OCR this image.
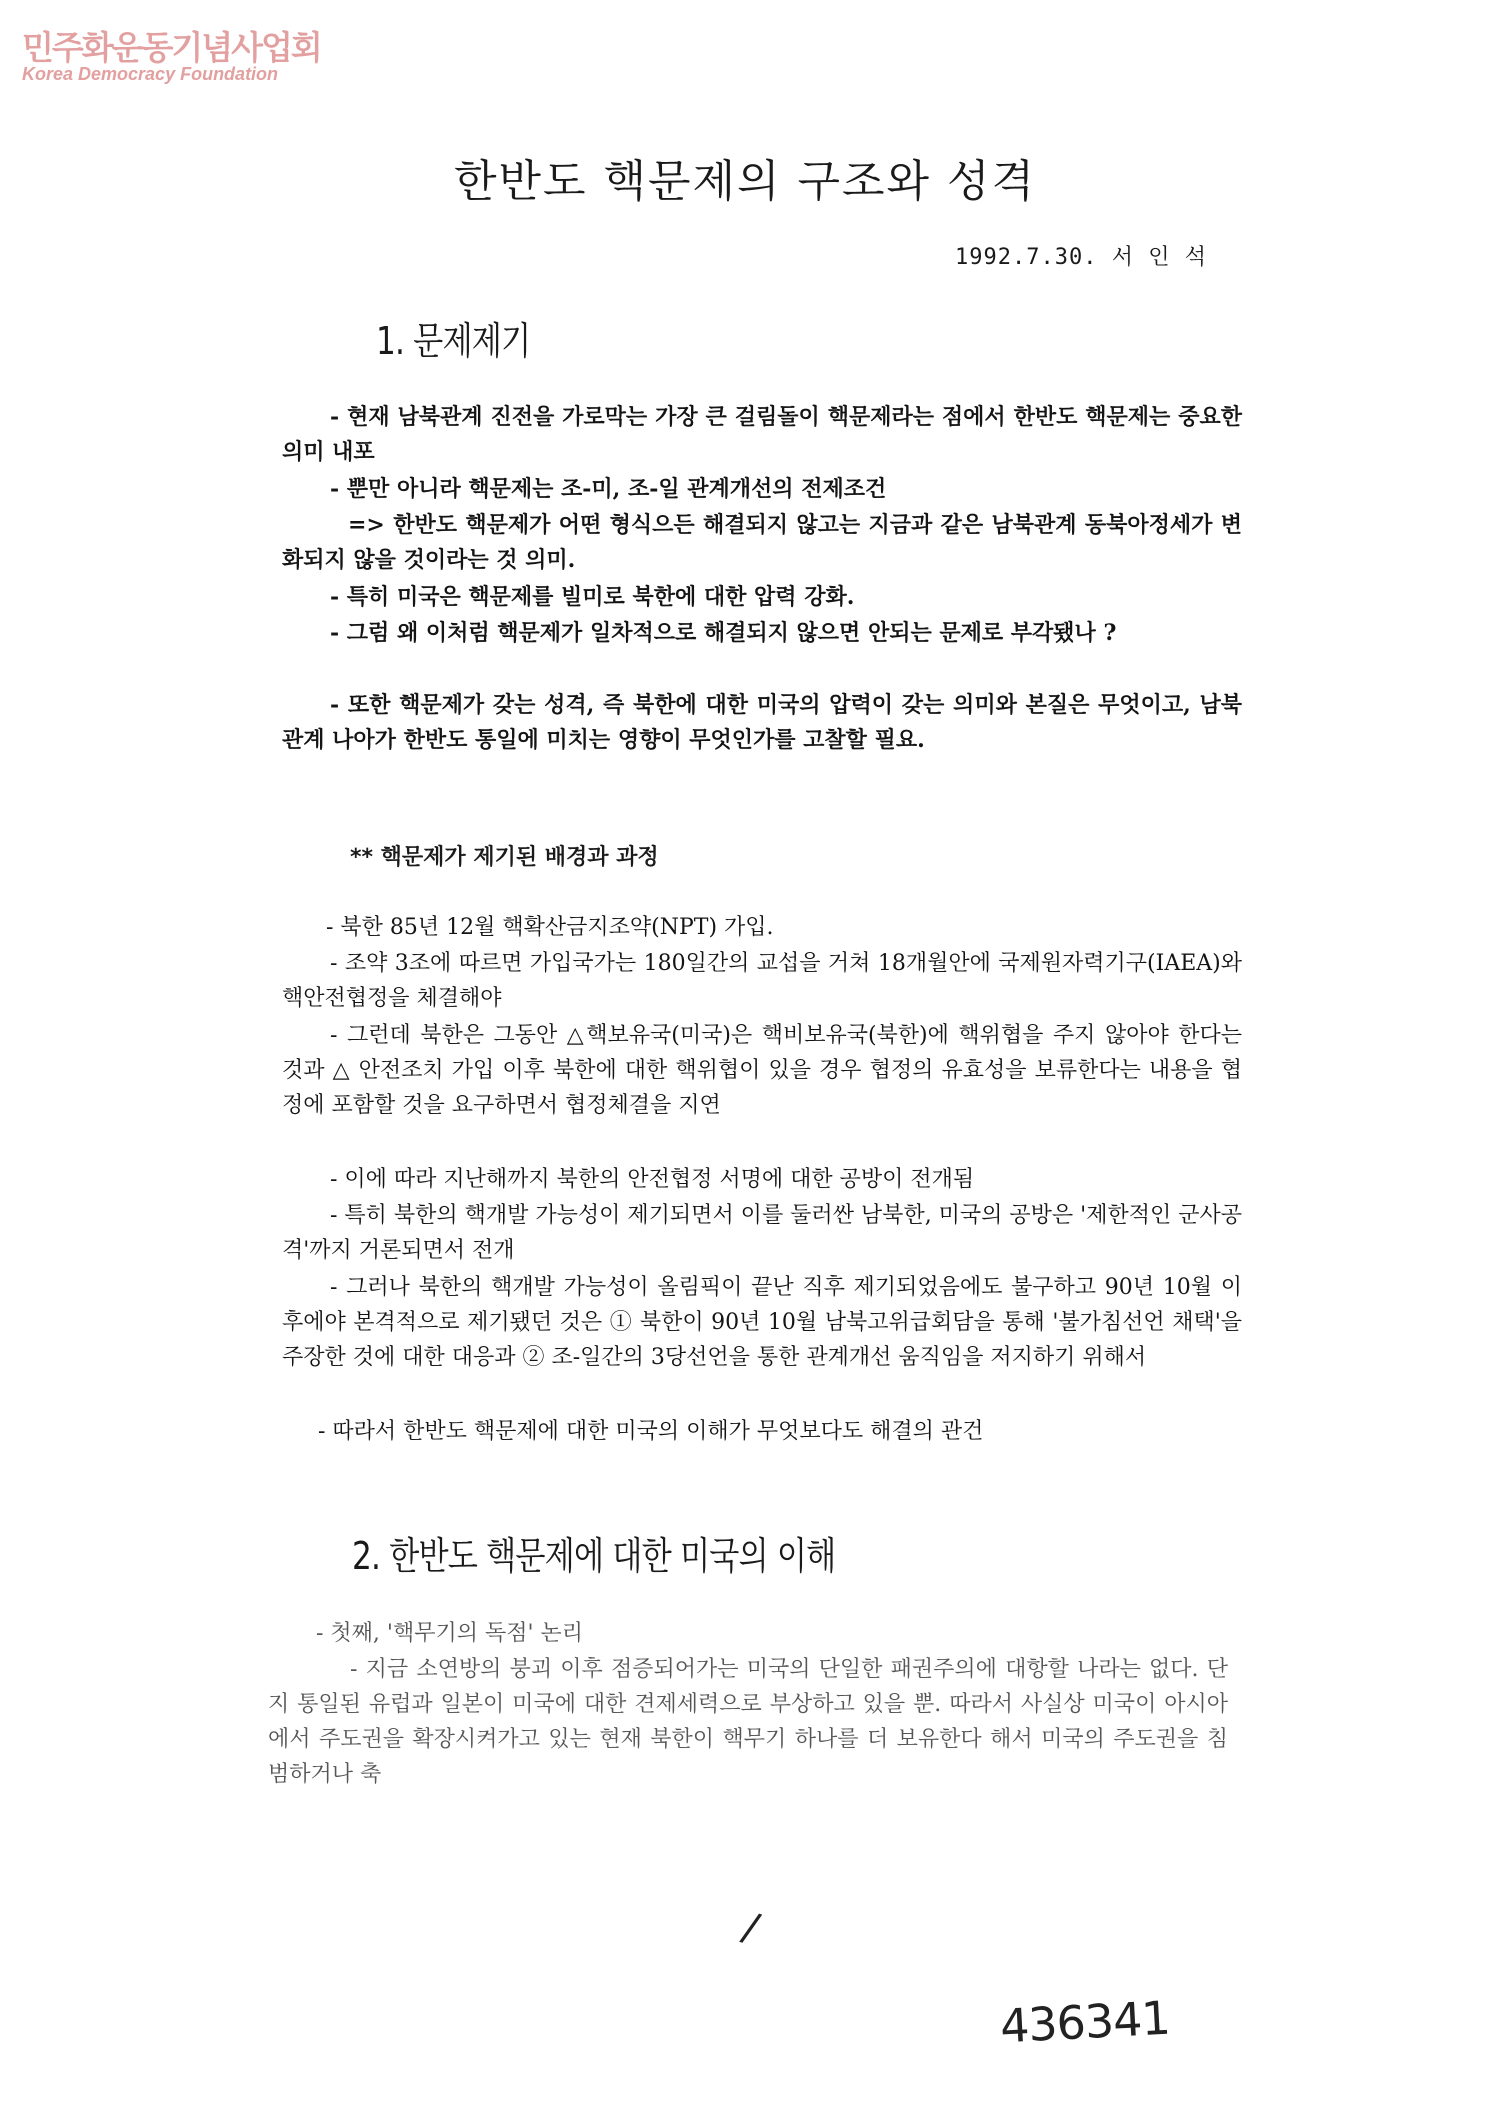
민주화운동기념사업회
Korea Democracy Foundation
한반도 핵문제의 구조와 성격
1992.7.30. 서 인 석
1. 문제제기

- 현재 남북관계 진전을 가로막는 가장 큰 걸림돌이 핵문제라는 점에서 한반도 핵문제는 중요한 의미 내포

- 뿐만 아니라 핵문제는 조-미, 조-일 관계개선의 전제조건

=> 한반도 핵문제가 어떤 형식으든 해결되지 않고는 지금과 같은 남북관계 동북아정세가 변화되지 않을 것이라는 것 의미.

- 특히 미국은 핵문제를 빌미로 북한에 대한 압력 강화.

- 그럼 왜 이처럼 핵문제가 일차적으로 해결되지 않으면 안되는 문제로 부각됐나 ?

- 또한 핵문제가 갖는 성격, 즉 북한에 대한 미국의 압력이 갖는 의미와 본질은 무엇이고, 남북관계 나아가 한반도 통일에 미치는 영향이 무엇인가를 고찰할 필요.

** 핵문제가 제기된 배경과 과정

- 북한 85년 12월 핵확산금지조약(NPT) 가입.

- 조약 3조에 따르면 가입국가는 180일간의 교섭을 거쳐 18개월안에 국제원자력기구(IAEA)와 핵안전협정을 체결해야

- 그런데 북한은 그동안 △핵보유국(미국)은 핵비보유국(북한)에 핵위협을 주지 않아야 한다는 것과 △ 안전조치 가입 이후 북한에 대한 핵위협이 있을 경우 협정의 유효성을 보류한다는 내용을 협정에 포함할 것을 요구하면서 협정체결을 지연

- 이에 따라 지난해까지 북한의 안전협정 서명에 대한 공방이 전개됨

- 특히 북한의 핵개발 가능성이 제기되면서 이를 둘러싼 남북한, 미국의 공방은 '제한적인 군사공격'까지 거론되면서 전개

- 그러나 북한의 핵개발 가능성이 올림픽이 끝난 직후 제기되었음에도 불구하고 90년 10월 이후에야 본격적으로 제기됐던 것은 ① 북한이 90년 10월 남북고위급회담을 통해 '불가침선언 채택'을 주장한 것에 대한 대응과 ② 조-일간의 3당선언을 통한 관계개선 움직임을 저지하기 위해서

- 따라서 한반도 핵문제에 대한 미국의 이해가 무엇보다도 해결의 관건

2. 한반도 핵문제에 대한 미국의 이해

- 첫째, '핵무기의 독점' 논리

- 지금 소연방의 붕괴 이후 점증되어가는 미국의 단일한 패권주의에 대항할 나라는 없다. 단지 통일된 유럽과 일본이 미국에 대한 견제세력으로 부상하고 있을 뿐. 따라서 사실상 미국이 아시아에서 주도권을 확장시켜가고 있는 현재 북한이 핵무기 하나를 더 보유한다 해서 미국의 주도권을 침범하거나 축

/
436341
